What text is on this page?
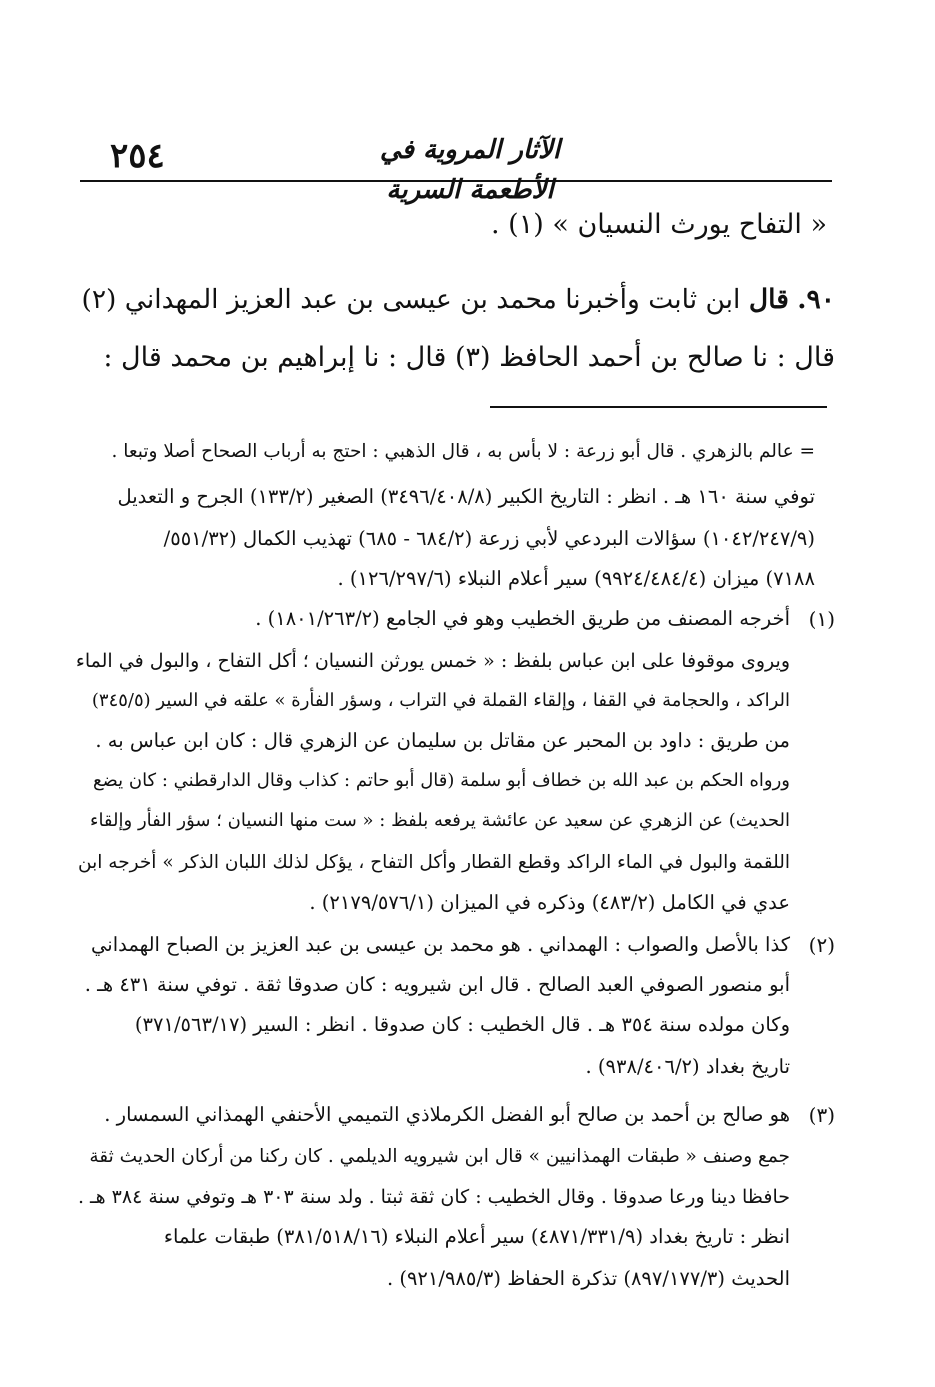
٢٥٤	الآثار المروية في الأطعمة السرية
« التفاح يورث النسيان » (١) .
٩٠. قال ابن ثابت وأخبرنا محمد بن عيسى بن عبد العزيز المهداني (٢)
قال : نا صالح بن أحمد الحافظ (٣) قال : نا إبراهيم بن محمد قال :
= عالم بالزهري . قال أبو زرعة : لا بأس به ، قال الذهبي : احتج به أرباب الصحاح أصلا وتبعا .
توفي سنة ١٦٠ هـ . انظر : التاريخ الكبير (٣٤٩٦/٤٠٨/٨) الصغير (١٣٣/٢) الجرح و التعديل
(١٠٤٢/٢٤٧/٩) سؤالات البردعي لأبي زرعة (٦٨٤/٢ - ٦٨٥) تهذيب الكمال (٥٥١/٣٢/
٧١٨٨) ميزان (٩٩٢٤/٤٨٤/٤) سير أعلام النبلاء (١٢٦/٢٩٧/٦) .
(١)
أخرجه المصنف من طريق الخطيب وهو في الجامع (١٨٠١/٢٦٣/٢) .
ويروى موقوفا على ابن عباس بلفظ : « خمس يورثن النسيان ؛ أكل التفاح ، والبول في الماء
الراكد ، والحجامة في القفا ، وإلقاء القملة في التراب ، وسؤر الفأرة » علقه في السير (٣٤٥/٥)
من طريق : داود بن المحبر عن مقاتل بن سليمان عن الزهري قال : كان ابن عباس به .
ورواه الحكم بن عبد الله بن خطاف أبو سلمة (قال أبو حاتم : كذاب وقال الدارقطني : كان يضع
الحديث) عن الزهري عن سعيد عن عائشة يرفعه بلفظ : « ست منها النسيان ؛ سؤر الفأر وإلقاء
اللقمة والبول في الماء الراكد وقطع القطار وأكل التفاح ، يؤكل لذلك اللبان الذكر » أخرجه ابن
عدي في الكامل (٤٨٣/٢) وذكره في الميزان (٢١٧٩/٥٧٦/١) .
(٢)
كذا بالأصل والصواب : الهمداني . هو محمد بن عيسى بن عبد العزيز بن الصباح الهمداني
أبو منصور الصوفي العبد الصالح . قال ابن شيرويه : كان صدوقا ثقة . توفي سنة ٤٣١ هـ .
وكان مولده سنة ٣٥٤ هـ . قال الخطيب : كان صدوقا . انظر : السير (٣٧١/٥٦٣/١٧)
تاريخ بغداد (٩٣٨/٤٠٦/٢) .
(٣)
هو صالح بن أحمد بن صالح أبو الفضل الكرملاذي التميمي الأحنفي الهمذاني السمسار .
جمع وصنف « طبقات الهمذانيين » قال ابن شيرويه الديلمي . كان ركنا من أركان الحديث ثقة
حافظا دينا ورعا صدوقا . وقال الخطيب : كان ثقة ثبتا . ولد سنة ٣٠٣ هـ وتوفي سنة ٣٨٤ هـ .
انظر : تاريخ بغداد (٤٨٧١/٣٣١/٩) سير أعلام النبلاء (٣٨١/٥١٨/١٦) طبقات علماء
الحديث (٨٩٧/١٧٧/٣) تذكرة الحفاظ (٩٢١/٩٨٥/٣) .
